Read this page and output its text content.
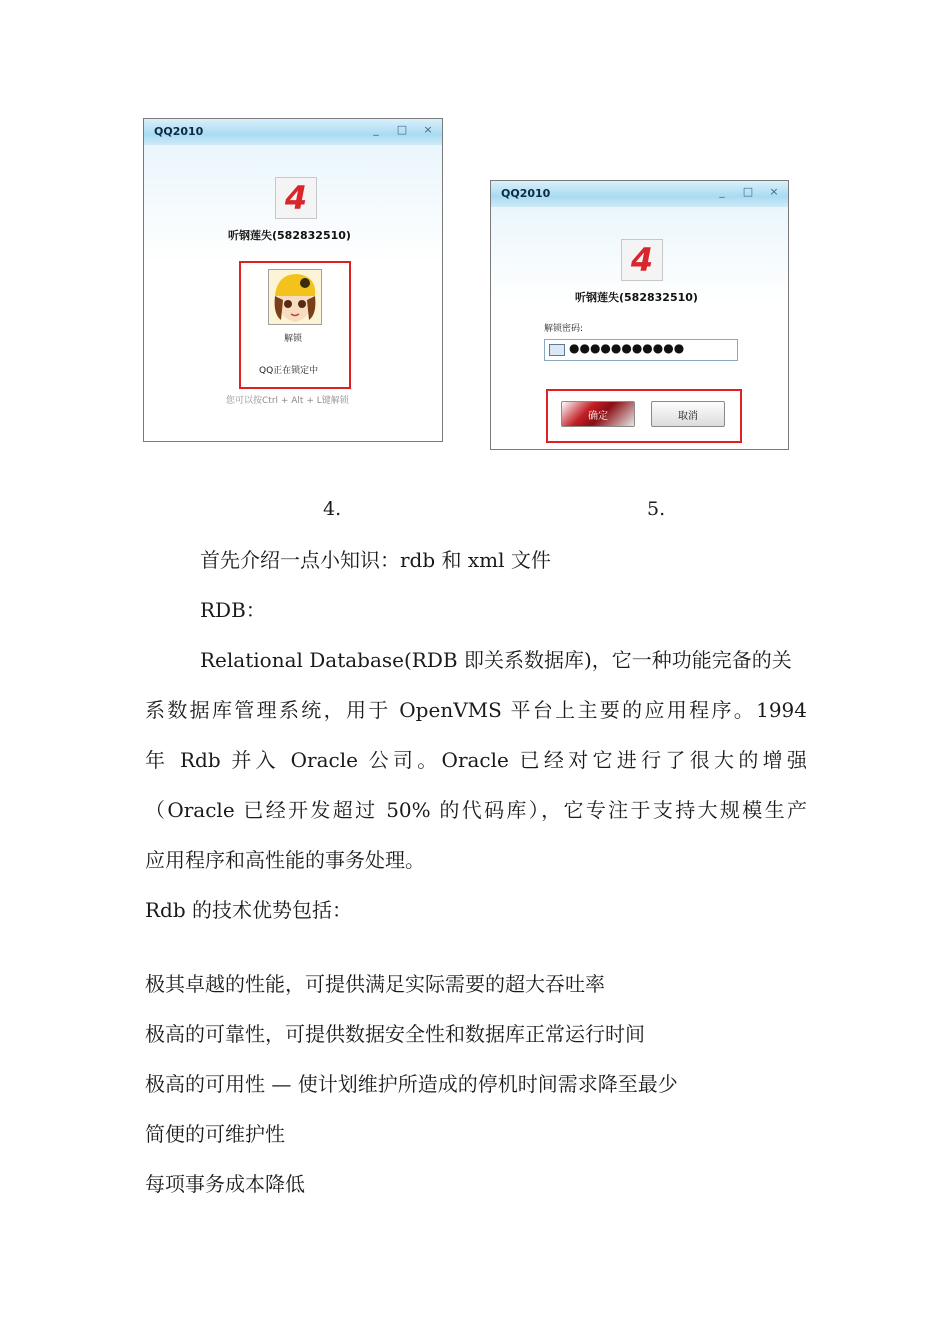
QQ2010	_ □ ×
4
听钢莲失(582832510)
解锁
QQ正在锁定中
您可以按Ctrl + Alt + L键解锁
QQ2010	_ □ ×
4
听钢莲失(582832510)
解锁密码:
●●●●●●●●●●●
确定	取消
4.	5.
首先介绍一点小知识：rdb 和 xml 文件
RDB：
Relational Database(RDB 即关系数据库)，它一种功能完备的关
系数据库管理系统，用于 OpenVMS 平台上主要的应用程序。1994
年 Rdb 并入 Oracle 公司。Oracle 已经对它进行了很大的增强
（Oracle 已经开发超过 50% 的代码库），它专注于支持大规模生产
应用程序和高性能的事务处理。
Rdb 的技术优势包括：
极其卓越的性能，可提供满足实际需要的超大吞吐率
极高的可靠性，可提供数据安全性和数据库正常运行时间
极高的可用性 — 使计划维护所造成的停机时间需求降至最少
简便的可维护性
每项事务成本降低
